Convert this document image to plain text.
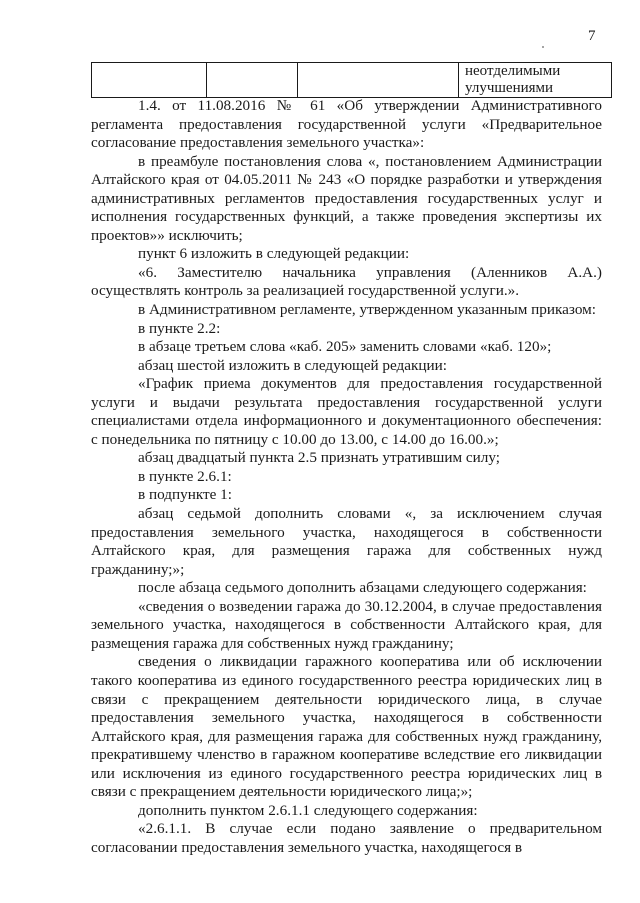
7
			неотделимыми улучшениями

1.4. от 11.08.2016 № 61 «Об утверждении Административного регламента предоставления государственной услуги «Предварительное согласование предоставления земельного участка»:

в преамбуле постановления слова «, постановлением Администрации Алтайского края от 04.05.2011 № 243 «О порядке разработки и утверждения административных регламентов предоставления государственных услуг и исполнения государственных функций, а также проведения экспертизы их проектов»» исключить;

пункт 6 изложить в следующей редакции:

«6. Заместителю начальника управления (Аленников А.А.) осуществлять контроль за реализацией государственной услуги.».

в Административном регламенте, утвержденном указанным приказом:

в пункте 2.2:

в абзаце третьем слова «каб. 205» заменить словами «каб. 120»;

абзац шестой изложить в следующей редакции:

«График приема документов для предоставления государственной услуги и выдачи результата предоставления государственной услуги специалистами отдела информационного и документационного обеспечения: с понедельника по пятницу с 10.00 до 13.00, с 14.00 до 16.00.»;

абзац двадцатый пункта 2.5 признать утратившим силу;

в пункте 2.6.1:

в подпункте 1:

абзац седьмой дополнить словами «, за исключением случая предоставления земельного участка, находящегося в собственности Алтайского края, для размещения гаража для собственных нужд гражданину;»;

после абзаца седьмого дополнить абзацами следующего содержания:

«сведения о возведении гаража до 30.12.2004, в случае предоставления земельного участка, находящегося в собственности Алтайского края, для размещения гаража для собственных нужд гражданину;

сведения о ликвидации гаражного кооператива или об исключении такого кооператива из единого государственного реестра юридических лиц в связи с прекращением деятельности юридического лица, в случае предоставления земельного участка, находящегося в собственности Алтайского края, для размещения гаража для собственных нужд гражданину, прекратившему членство в гаражном кооперативе вследствие его ликвидации или исключения из единого государственного реестра юридических лиц в связи с прекращением деятельности юридического лица;»;

дополнить пунктом 2.6.1.1 следующего содержания:

«2.6.1.1. В случае если подано заявление о предварительном согласовании предоставления земельного участка, находящегося в
